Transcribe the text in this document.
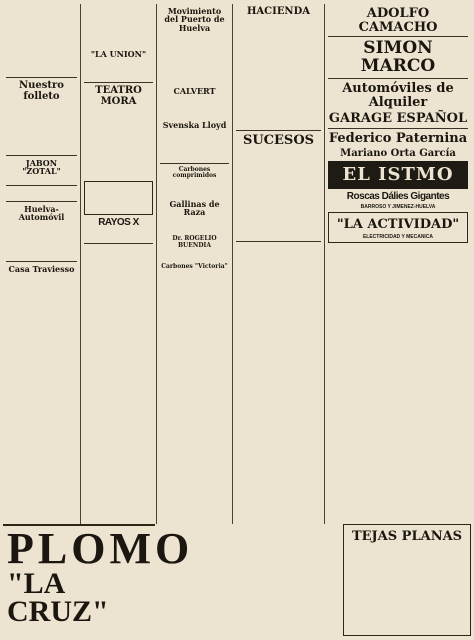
Nuestro folleto
JABON "ZOTAL"
Huelva-Automóvil
Casa Traviesso
"LA UNION"
TEATRO MORA
RAYOS X
Movimiento del Puerto de Huelva
CALVERT
Svenska Lloyd
Carbones comprimidos
Gallinas de Raza
Dr. ROGELIO BUENDIA
Carbones "Victoria"
HACIENDA
SUCESOS
ADOLFO CAMACHO
SIMON MARCO
Automóviles de Alquiler
GARAGE ESPAÑOL
Federico Paternina
Mariano Orta García
EL ISTMO
Roscas Dálies Gigantes
BARROSO Y JIMENEZ-HUELVA
"LA ACTIVIDAD"
ELECTRICIDAD Y MECANICA
PLOMO
"LA CRUZ"
TEJAS PLANAS
